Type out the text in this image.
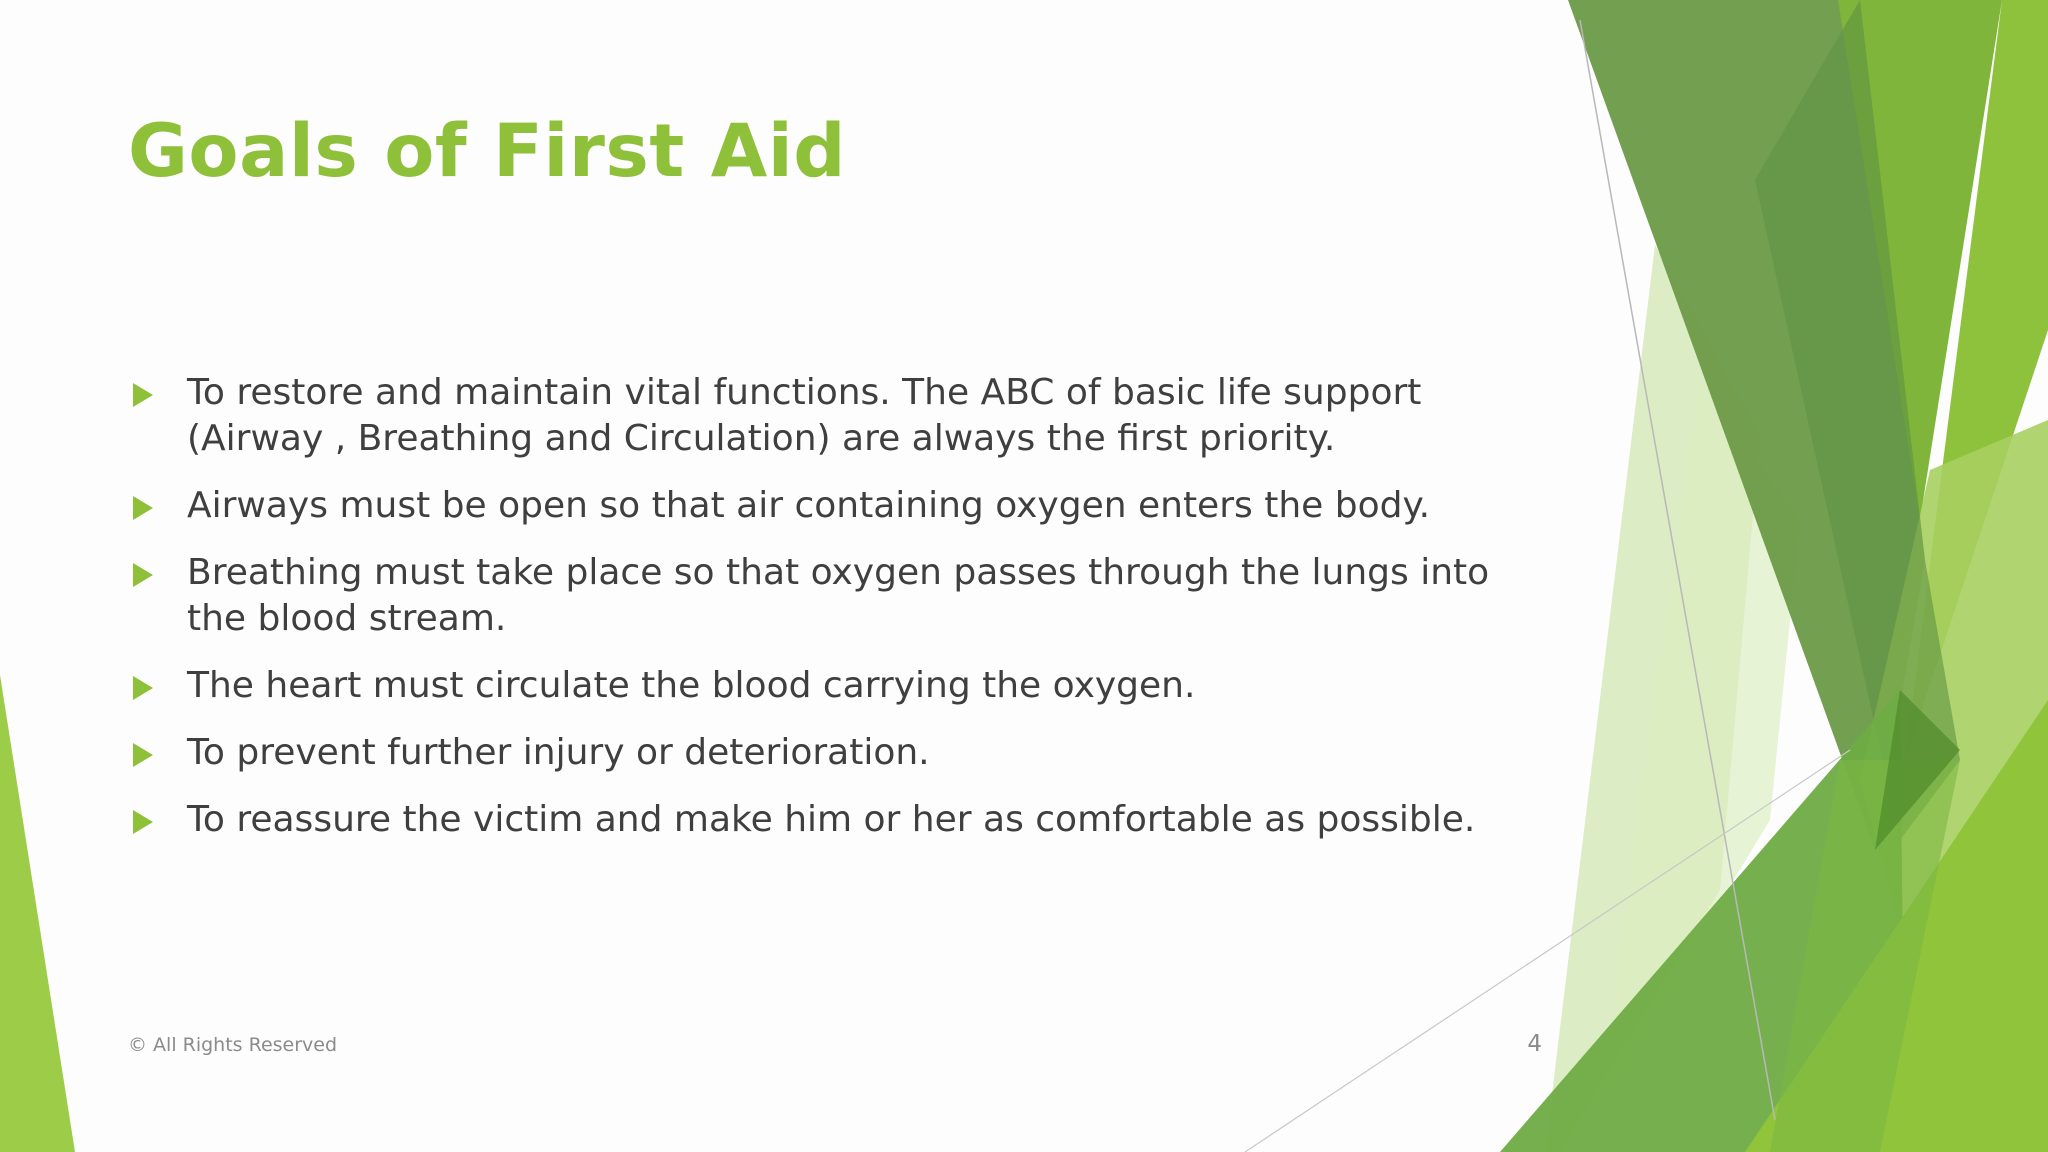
Goals of First Aid
To restore and maintain vital functions. The ABC of basic life support (Airway , Breathing and Circulation) are always the first priority.
Airways must be open so that air containing oxygen enters the body.
Breathing must take place so that oxygen passes through the lungs into the blood stream.
The heart must circulate the blood carrying the oxygen.
To prevent further injury or deterioration.
To reassure the victim and make him or her as comfortable as possible.
© All Rights Reserved	4
